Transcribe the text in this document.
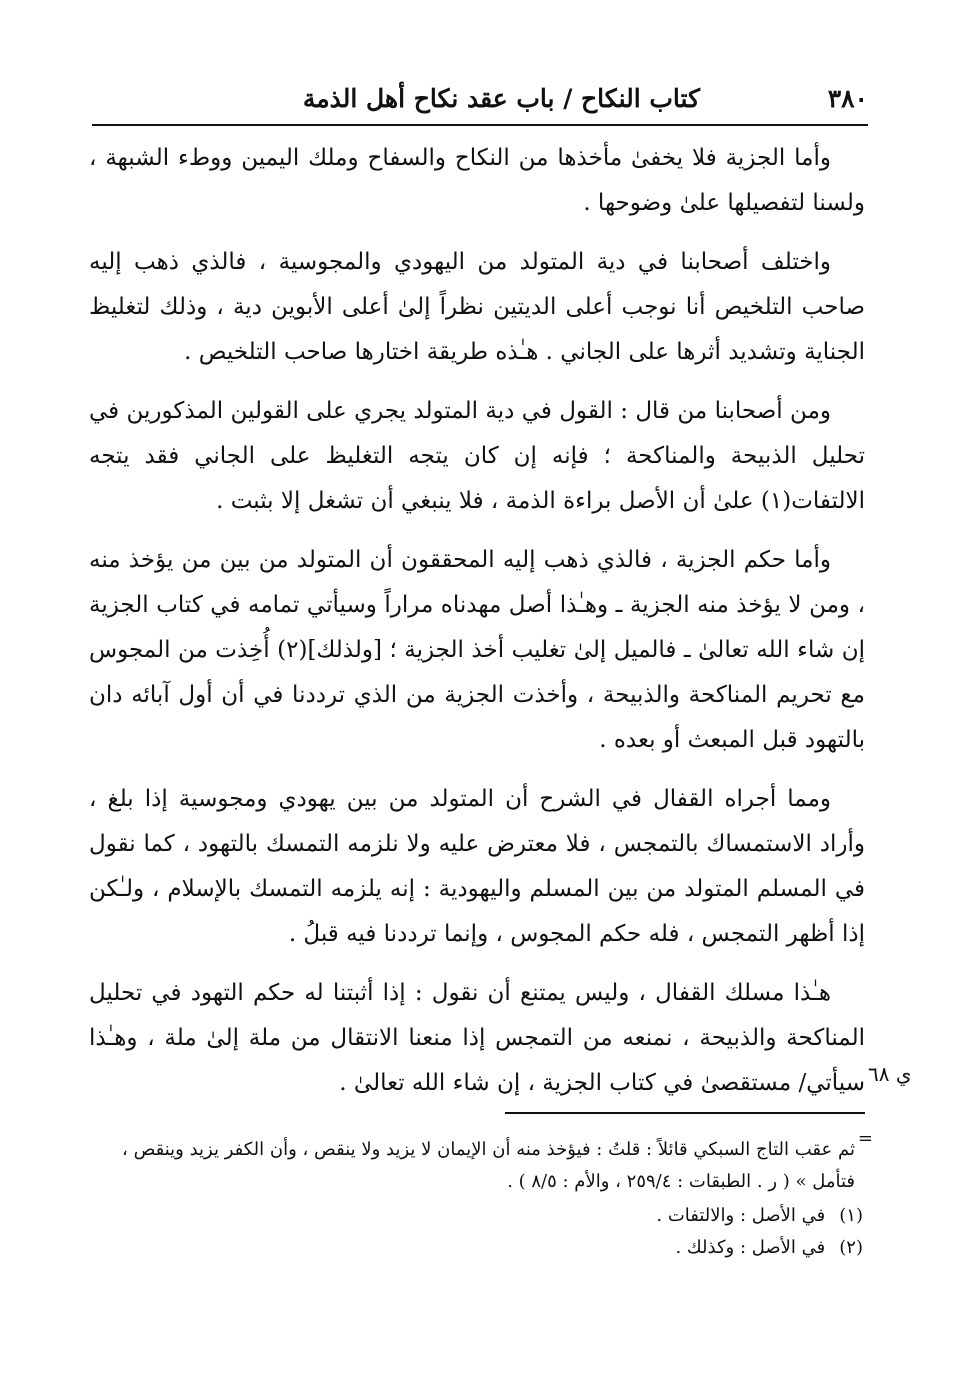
٣٨٠
كتاب النكاح / باب عقد نكاح أهل الذمة

وأما الجزية فلا يخفىٰ مأخذها من النكاح والسفاح وملك اليمين ووطء الشبهة ، ولسنا لتفصيلها علىٰ وضوحها .

واختلف أصحابنا في دية المتولد من اليهودي والمجوسية ، فالذي ذهب إليه صاحب التلخيص أنا نوجب أعلى الديتين نظراً إلىٰ أعلى الأبوين دية ، وذلك لتغليظ الجناية وتشديد أثرها على الجاني . هـٰذه طريقة اختارها صاحب التلخيص .

ومن أصحابنا من قال : القول في دية المتولد يجري على القولين المذكورين في تحليل الذبيحة والمناكحة ؛ فإنه إن كان يتجه التغليظ على الجاني فقد يتجه الالتفات(١) علىٰ أن الأصل براءة الذمة ، فلا ينبغي أن تشغل إلا بثبت .

وأما حكم الجزية ، فالذي ذهب إليه المحققون أن المتولد من بين من يؤخذ منه ، ومن لا يؤخذ منه الجزية ـ وهـٰذا أصل مهدناه مراراً وسيأتي تمامه في كتاب الجزية إن شاء الله تعالىٰ ـ فالميل إلىٰ تغليب أخذ الجزية ؛ [ولذلك](٢) أُخِذت من المجوس مع تحريم المناكحة والذبيحة ، وأخذت الجزية من الذي ترددنا في أن أول آبائه دان بالتهود قبل المبعث أو بعده .

ومما أجراه القفال في الشرح أن المتولد من بين يهودي ومجوسية إذا بلغ ، وأراد الاستمساك بالتمجس ، فلا معترض عليه ولا نلزمه التمسك بالتهود ، كما نقول في المسلم المتولد من بين المسلم واليهودية : إنه يلزمه التمسك بالإسلام ، ولـٰكن إذا أظهر التمجس ، فله حكم المجوس ، وإنما ترددنا فيه قبلُ .

هـٰذا مسلك القفال ، وليس يمتنع أن نقول : إذا أثبتنا له حكم التهود في تحليل المناكحة والذبيحة ، نمنعه من التمجس إذا منعنا الانتقال من ملة إلىٰ ملة ، وهـٰذا سيأتي/ مستقصىٰ في كتاب الجزية ، إن شاء الله تعالىٰ . ي ٦٨
=

ثم عقب التاج السبكي قائلاً : قلتُ : فيؤخذ منه أن الإيمان لا يزيد ولا ينقص ، وأن الكفر يزيد وينقص ، فتأمل » ( ر . الطبقات : ٢٥٩/٤ ، والأم : ٨/٥ ) .

(١)
في الأصل : والالتفات .

(٢)
في الأصل : وكذلك .
